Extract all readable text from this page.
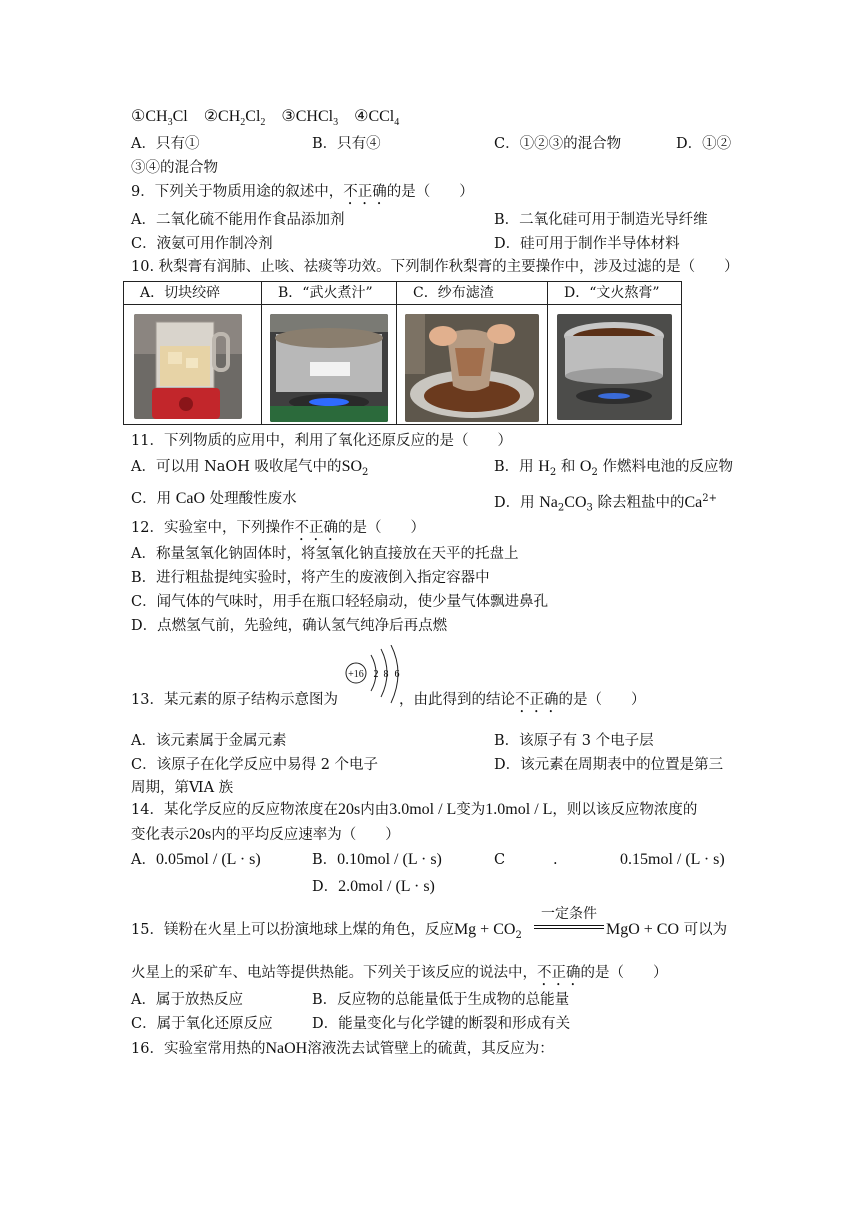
$①CH_3Cl$ $②CH_2Cl_2$ ③CHCl$_3$ ④CCl$_4$
A．只有①	B．只有④	C．①②③的混合物	D．①②
③④的混合物
9．下列关于物质用途的叙述中，不正确的是（　　）
A．二氧化硫不能用作食品添加剂	B．二氧化硅可用于制造光导纤维
C．液氨可用作制冷剂	D．硅可用于制作半导体材料
10. 秋梨膏有润肺、止咳、祛痰等功效。下列制作秋梨膏的主要操作中，涉及过滤的是（　　）
A．切块绞碎	B．“武火煮汁”	C．纱布滤渣	D．“文火熬膏”

11．下列物质的应用中，利用了氧化还原反应的是（　　）
A．可以用 NaOH 吸收尾气中的$SO_2$	B．用 $H_2$ 和 $O_2$ 作燃料电池的反应物
C．用 CaO 处理酸性废水	D．用 $Na_2CO_3$ 除去粗盐中的$Ca^{2+}$
12．实验室中，下列操作不正确的是（　　）
A．称量氢氧化钠固体时，将氢氧化钠直接放在天平的托盘上
B．进行粗盐提纯实验时，将产生的废液倒入指定容器中
C．闻气体的气味时，用手在瓶口轻轻扇动，使少量气体飘进鼻孔
D．点燃氢气前，先验纯，确认氢气纯净后再点燃
+16 2 8 6
13．某元素的原子结构示意图为	，由此得到的结论不正确的是（　　）
A．该元素属于金属元素	B．该原子有 3 个电子层
C．该原子在化学反应中易得 2 个电子	D．该元素在周期表中的位置是第三
周期，第ⅥA 族
14．某化学反应的反应物浓度在20s内由3.0mol / L变为1.0mol / L，则以该反应物浓度的
变化表示20s内的平均反应速率为（　　）
A．0.05mol / (L · s)	B．0.10mol / (L · s)	C	.	0.15mol / (L · s)
D．2.0mol / (L · s)
15．镁粉在火星上可以扮演地球上煤的角色，反应$Mg + CO_2$
一定条件
MgO + CO 可以为
火星上的采矿车、电站等提供热能。下列关于该反应的说法中，不正确的是（　　）
A．属于放热反应	B．反应物的总能量低于生成物的总能量
C．属于氧化还原反应	D．能量变化与化学键的断裂和形成有关
16．实验室常用热的NaOH溶液洗去试管壁上的硫黄，其反应为：
